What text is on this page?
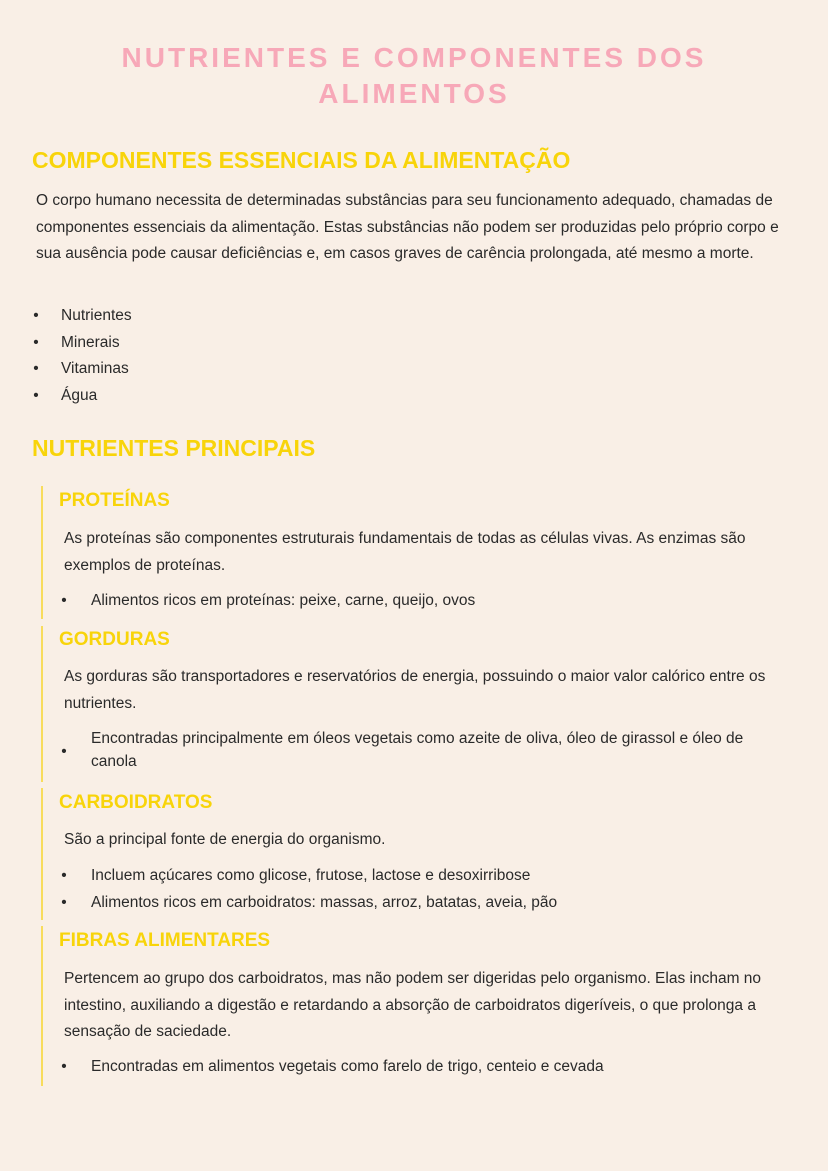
NUTRIENTES E COMPONENTES DOS ALIMENTOS
COMPONENTES ESSENCIAIS DA ALIMENTAÇÃO
O corpo humano necessita de determinadas substâncias para seu funcionamento adequado, chamadas de componentes essenciais da alimentação. Estas substâncias não podem ser produzidas pelo próprio corpo e sua ausência pode causar deficiências e, em casos graves de carência prolongada, até mesmo a morte.
• Nutrientes
• Minerais
• Vitaminas
• Água
NUTRIENTES PRINCIPAIS
PROTEÍNAS
As proteínas são componentes estruturais fundamentais de todas as células vivas. As enzimas são exemplos de proteínas.
• Alimentos ricos em proteínas: peixe, carne, queijo, ovos
GORDURAS
As gorduras são transportadores e reservatórios de energia, possuindo o maior valor calórico entre os nutrientes.
•
Encontradas principalmente em óleos vegetais como azeite de oliva, óleo de girassol e óleo de canola
CARBOIDRATOS
São a principal fonte de energia do organismo.
• Incluem açúcares como glicose, frutose, lactose e desoxirribose
• Alimentos ricos em carboidratos: massas, arroz, batatas, aveia, pão
FIBRAS ALIMENTARES
Pertencem ao grupo dos carboidratos, mas não podem ser digeridas pelo organismo. Elas incham no intestino, auxiliando a digestão e retardando a absorção de carboidratos digeríveis, o que prolonga a sensação de saciedade.
• Encontradas em alimentos vegetais como farelo de trigo, centeio e cevada
